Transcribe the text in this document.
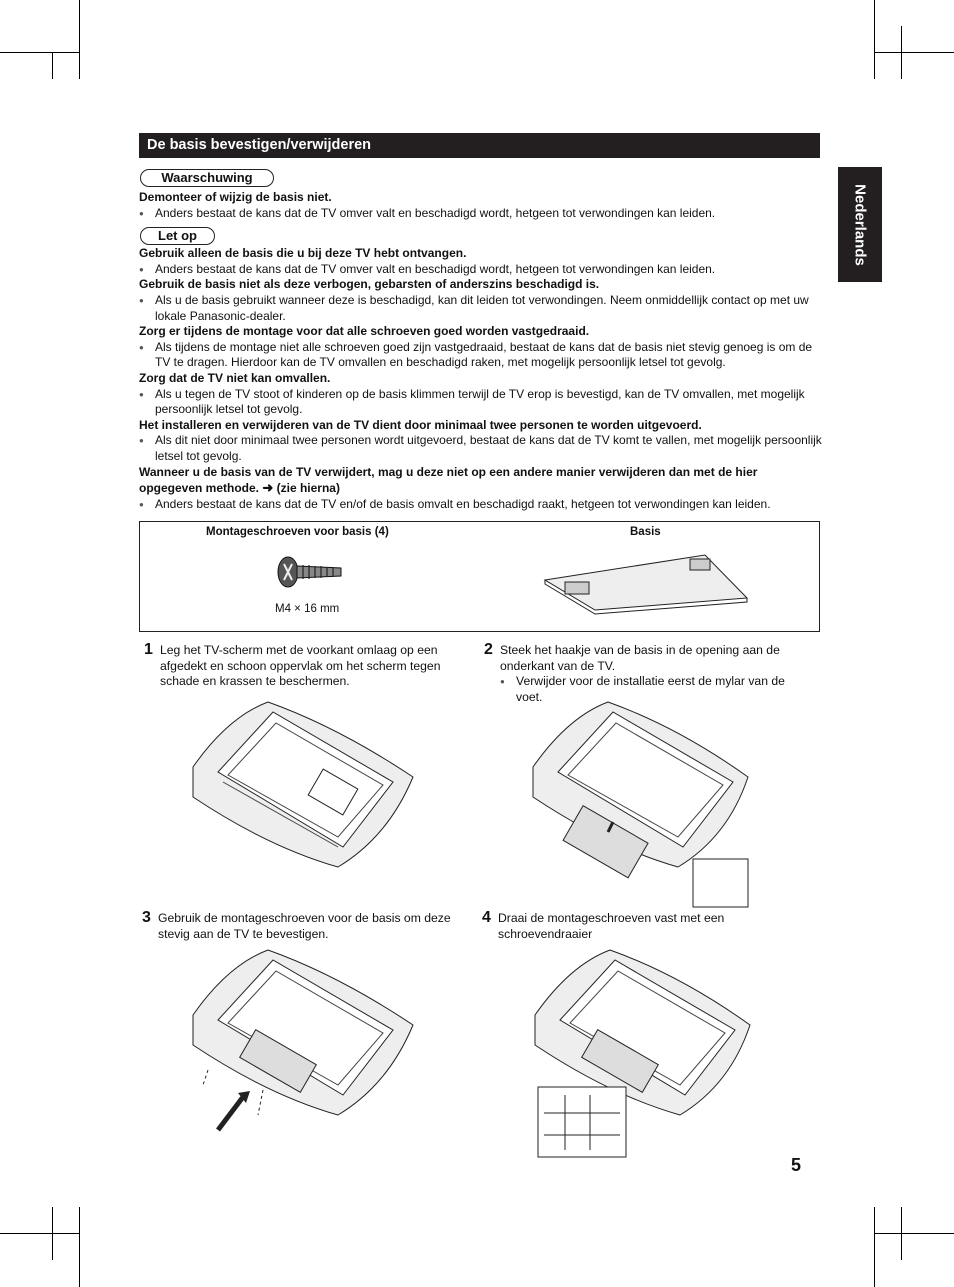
De basis bevestigen/verwijderen
Nederlands
Waarschuwing
Demonteer of wijzig de basis niet.
● Anders bestaat de kans dat de TV omver valt en beschadigd wordt, hetgeen tot verwondingen kan leiden.
Gebruik alleen de basis die u bij deze TV hebt ontvangen.
● Anders bestaat de kans dat de TV omver valt en beschadigd wordt, hetgeen tot verwondingen kan leiden.
Gebruik de basis niet als deze verbogen, gebarsten of anderszins beschadigd is.
● Als u de basis gebruikt wanneer deze is beschadigd, kan dit leiden tot verwondingen. Neem onmiddellijk contact op met uw lokale Panasonic-dealer.
Zorg er tijdens de montage voor dat alle schroeven goed worden vastgedraaid.
● Als tijdens de montage niet alle schroeven goed zijn vastgedraaid, bestaat de kans dat de basis niet stevig genoeg is om de TV te dragen. Hierdoor kan de TV omvallen en beschadigd raken, met mogelijk persoonlijk letsel tot gevolg.
Zorg dat de TV niet kan omvallen.
● Als u tegen de TV stoot of kinderen op de basis klimmen terwijl de TV erop is bevestigd, kan de TV omvallen, met mogelijk persoonlijk letsel tot gevolg.
Het installeren en verwijderen van de TV dient door minimaal twee personen te worden uitgevoerd.
● Als dit niet door minimaal twee personen wordt uitgevoerd, bestaat de kans dat de TV komt te vallen, met mogelijk persoonlijk letsel tot gevolg.
Wanneer u de basis van de TV verwijdert, mag u deze niet op een andere manier verwijderen dan met de hier opgegeven methode. ➜ (zie hierna)
● Anders bestaat de kans dat de TV en/of de basis omvalt en beschadigd raakt, hetgeen tot verwondingen kan leiden.
Let op
Montageschroeven voor basis (4)
M4 × 16 mm
Basis
1 Leg het TV-scherm met de voorkant omlaag op een afgedekt en schoon oppervlak om het scherm tegen schade en krassen te beschermen.
2 Steek het haakje van de basis in de opening aan de onderkant van de TV.
● Verwijder voor de installatie eerst de mylar van de voet.
3 Gebruik de montageschroeven voor de basis om deze stevig aan de TV te bevestigen.
4 Draai de montageschroeven vast met een schroevendraaier
5
